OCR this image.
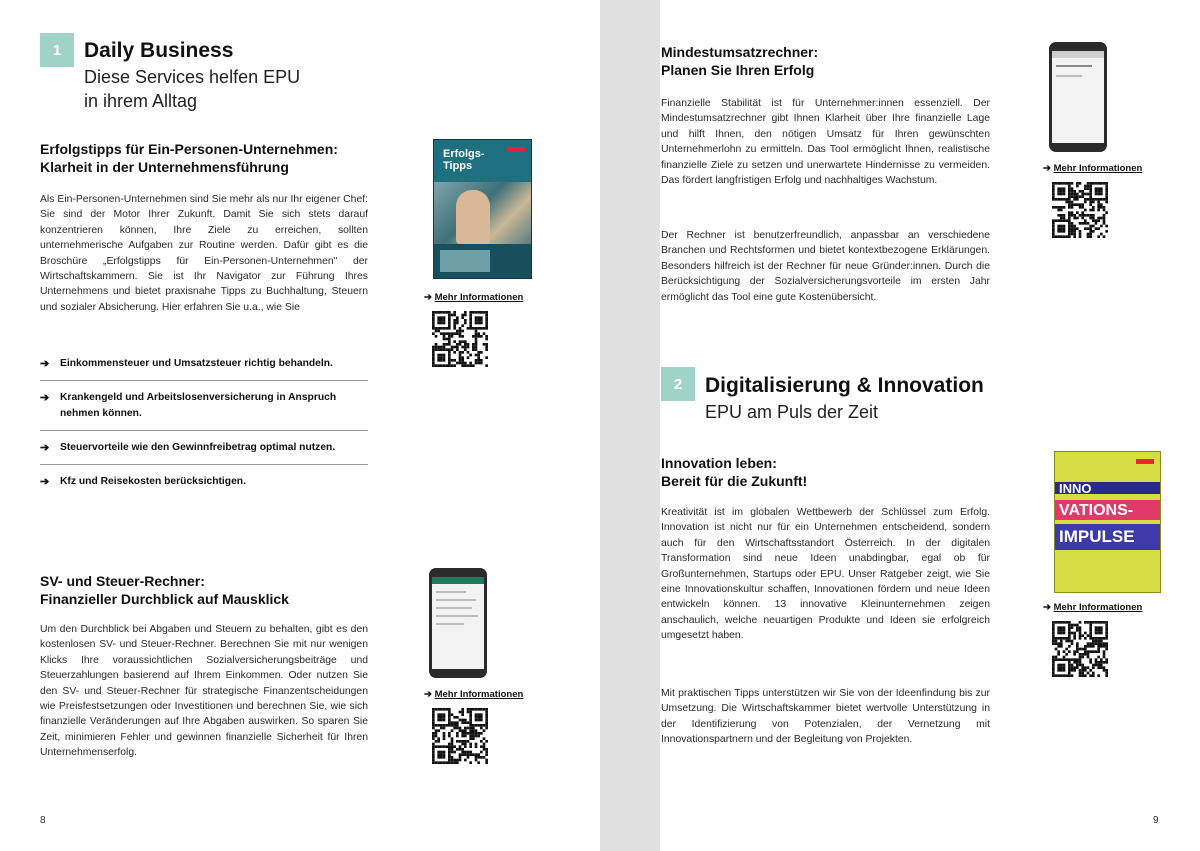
1	Daily Business
Diese Services helfen EPU
in ihrem Alltag
Erfolgstipps für Ein-Personen-Unternehmen:
Klarheit in der Unternehmensführung
Als Ein-Personen-Unternehmen sind Sie mehr als nur Ihr eigener Chef: Sie sind der Motor Ihrer Zukunft. Damit Sie sich stets darauf konzentrieren können, Ihre Ziele zu erreichen, sollten unternehmerische Aufgaben zur Routine werden. Dafür gibt es die Broschüre „Erfolgstipps für Ein-Personen-Unternehmen" der Wirtschaftskammern. Sie ist Ihr Navigator zur Führung Ihres Unternehmens und bietet praxisnahe Tipps zu Buchhaltung, Steuern und sozialer Absicherung. Hier erfahren Sie u.a., wie Sie
➔ Einkommensteuer und Umsatzsteuer richtig behandeln.
➔ Krankengeld und Arbeitslosenversicherung in Anspruch nehmen können.
➔ Steuervorteile wie den Gewinnfreibetrag optimal nutzen.
➔ Kfz und Reisekosten berücksichtigen.
Erfolgs-
Tipps
➔ Mehr Informationen
SV- und Steuer-Rechner:
Finanzieller Durchblick auf Mausklick
Um den Durchblick bei Abgaben und Steuern zu behalten, gibt es den kostenlosen SV- und Steuer-Rechner. Berechnen Sie mit nur wenigen Klicks Ihre voraussichtlichen Sozialversicherungsbeiträge und Steuerzahlungen basierend auf Ihrem Einkommen. Oder nutzen Sie den SV- und Steuer-Rechner für strategische Finanzentscheidungen wie Preisfestsetzungen oder Investitionen und berechnen Sie, wie sich finanzielle Veränderungen auf Ihre Abgaben auswirken. So sparen Sie Zeit, minimieren Fehler und gewinnen finanzielle Sicherheit für Ihren Unternehmenserfolg.
➔ Mehr Informationen
8
Mindestumsatzrechner:
Planen Sie Ihren Erfolg
Finanzielle Stabilität ist für Unternehmer:innen essenziell. Der Mindestumsatzrechner gibt Ihnen Klarheit über Ihre finanzielle Lage und hilft Ihnen, den nötigen Umsatz für Ihren gewünschten Unternehmerlohn zu ermitteln. Das Tool ermöglicht Ihnen, realistische finanzielle Ziele zu setzen und unerwartete Hindernisse zu vermeiden. Das fördert langfristigen Erfolg und nachhaltiges Wachstum.
Der Rechner ist benutzerfreundlich, anpassbar an verschiedene Branchen und Rechtsformen und bietet kontextbezogene Erklärungen. Besonders hilfreich ist der Rechner für neue Gründer:innen. Durch die Berücksichtigung der Sozialversicherungsvorteile im ersten Jahr ermöglicht das Tool eine gute Kostenübersicht.
➔ Mehr Informationen
2	Digitalisierung & Innovation
EPU am Puls der Zeit
Innovation leben:
Bereit für die Zukunft!
Kreativität ist im globalen Wettbewerb der Schlüssel zum Erfolg. Innovation ist nicht nur für ein Unternehmen entscheidend, sondern auch für den Wirtschaftsstandort Österreich. In der digitalen Transformation sind neue Ideen unabdingbar, egal ob für Großunternehmen, Startups oder EPU. Unser Ratgeber zeigt, wie Sie eine Innovationskultur schaffen, Innovationen fördern und neue Ideen entwickeln können. 13 innovative Kleinunternehmen zeigen anschaulich, welche neuartigen Produkte und Ideen sie erfolgreich umgesetzt haben.
Mit praktischen Tipps unterstützen wir Sie von der Ideenfindung bis zur Umsetzung. Die Wirtschaftskammer bietet wertvolle Unterstützung in der Identifizierung von Potenzialen, der Vernetzung mit Innovationspartnern und der Begleitung von Projekten.
INNO
VATIONS-
IMPULSE
➔ Mehr Informationen
9
